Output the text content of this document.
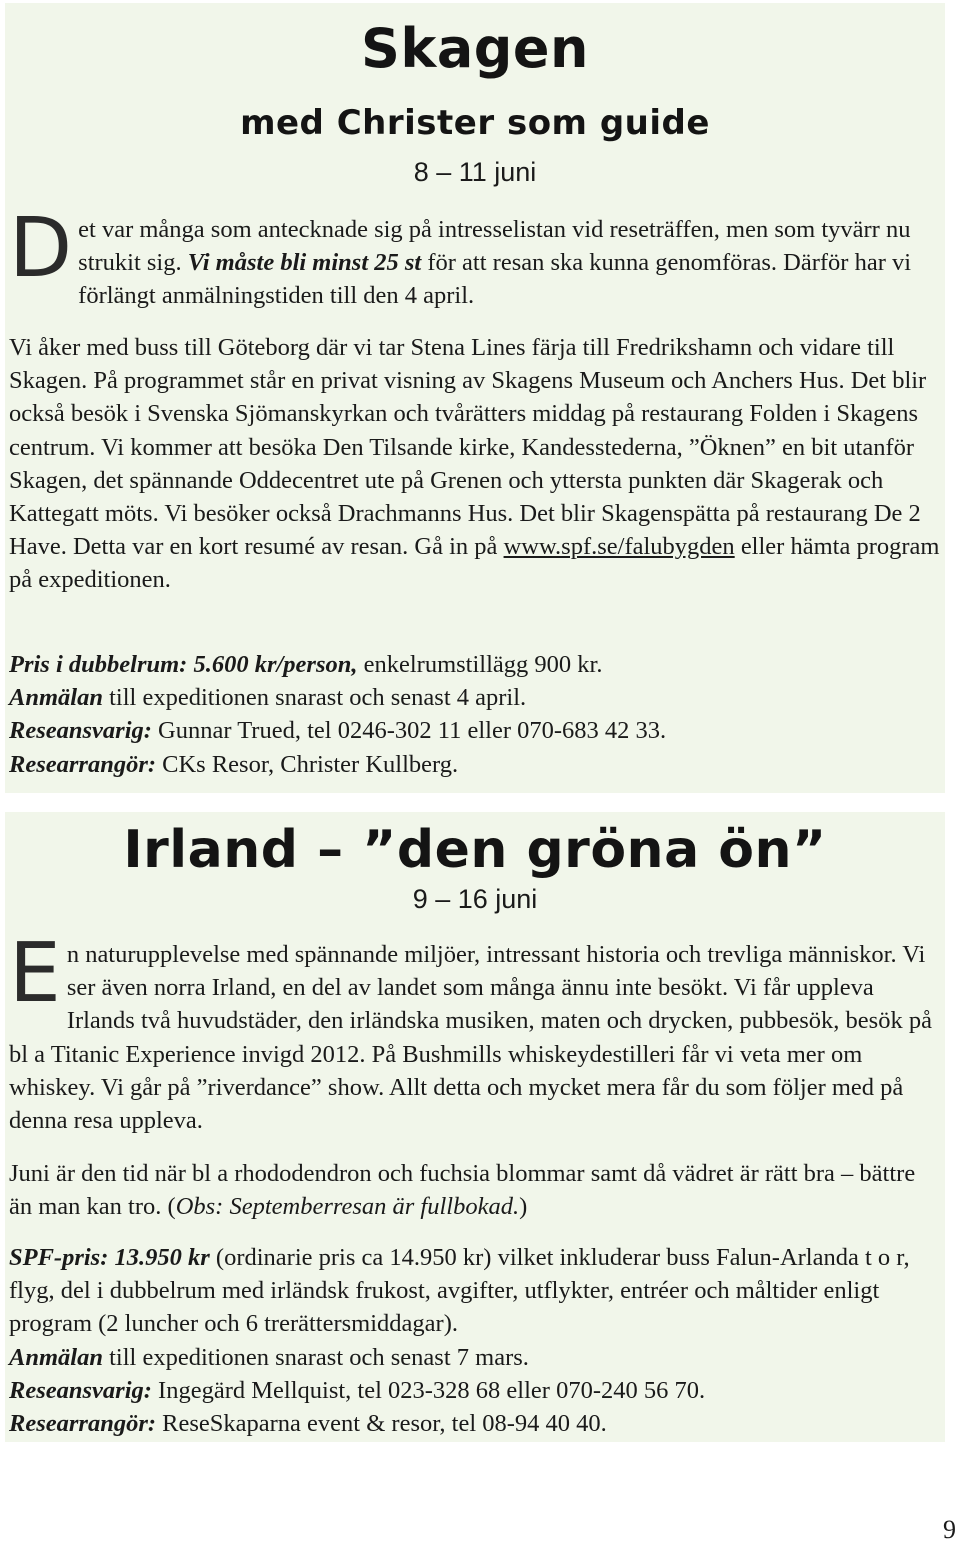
Skagen
med Christer som guide
8 – 11 juni

Det var många som antecknade sig på intresselistan vid reseträffen, men som tyvärr nu strukit sig. Vi måste bli minst 25 st för att resan ska kunna genomföras. Därför har vi förlängt anmälningstiden till den 4 april.

Vi åker med buss till Göteborg där vi tar Stena Lines färja till Fredrikshamn och vidare till Skagen. På programmet står en privat visning av Skagens Museum och Anchers Hus. Det blir också besök i Svenska Sjömanskyrkan och tvårätters middag på restaurang Folden i Skagens centrum. Vi kommer att besöka Den Tilsande kirke, Kandesstederna, ”Öknen” en bit utanför Skagen, det spännande Oddecentret ute på Grenen och yttersta punkten där Skagerak och Kattegatt möts. Vi besöker också Drachmanns Hus. Det blir Skagenspätta på restaurang De 2 Have. Detta var en kort resumé av resan. Gå in på www.spf.se/falubygden eller hämta program på expeditionen.

Pris i dubbelrum: 5.600 kr/person, enkelrumstillägg 900 kr.
Anmälan till expeditionen snarast och senast 4 april.
Reseansvarig: Gunnar Trued, tel 0246-302 11 eller 070-683 42 33.
Researrangör: CKs Resor, Christer Kullberg.
Irland – ”den gröna ön”
9 – 16 juni

En naturupplevelse med spännande miljöer, intressant historia och trevliga människor. Vi ser även norra Irland, en del av landet som många ännu inte besökt. Vi får uppleva Irlands två huvudstäder, den irländska musiken, maten och drycken, pubbesök, besök på bl a Titanic Experience invigd 2012. På Bushmills whiskeydestilleri får vi veta mer om whiskey. Vi går på ”riverdance” show. Allt detta och mycket mera får du som följer med på denna resa uppleva.

Juni är den tid när bl a rhododendron och fuchsia blommar samt då vädret är rätt bra – bättre än man kan tro. (Obs: Septemberresan är fullbokad.)

SPF-pris: 13.950 kr (ordinarie pris ca 14.950 kr) vilket inkluderar buss Falun-Arlanda t o r, flyg, del i dubbelrum med irländsk frukost, avgifter, utflykter, entréer och måltider enligt program (2 luncher och 6 trerättersmiddagar).
Anmälan till expeditionen snarast och senast 7 mars.
Reseansvarig: Ingegärd Mellquist, tel 023-328 68 eller 070-240 56 70.
Researrangör: ReseSkaparna event & resor, tel 08-94 40 40.
9
